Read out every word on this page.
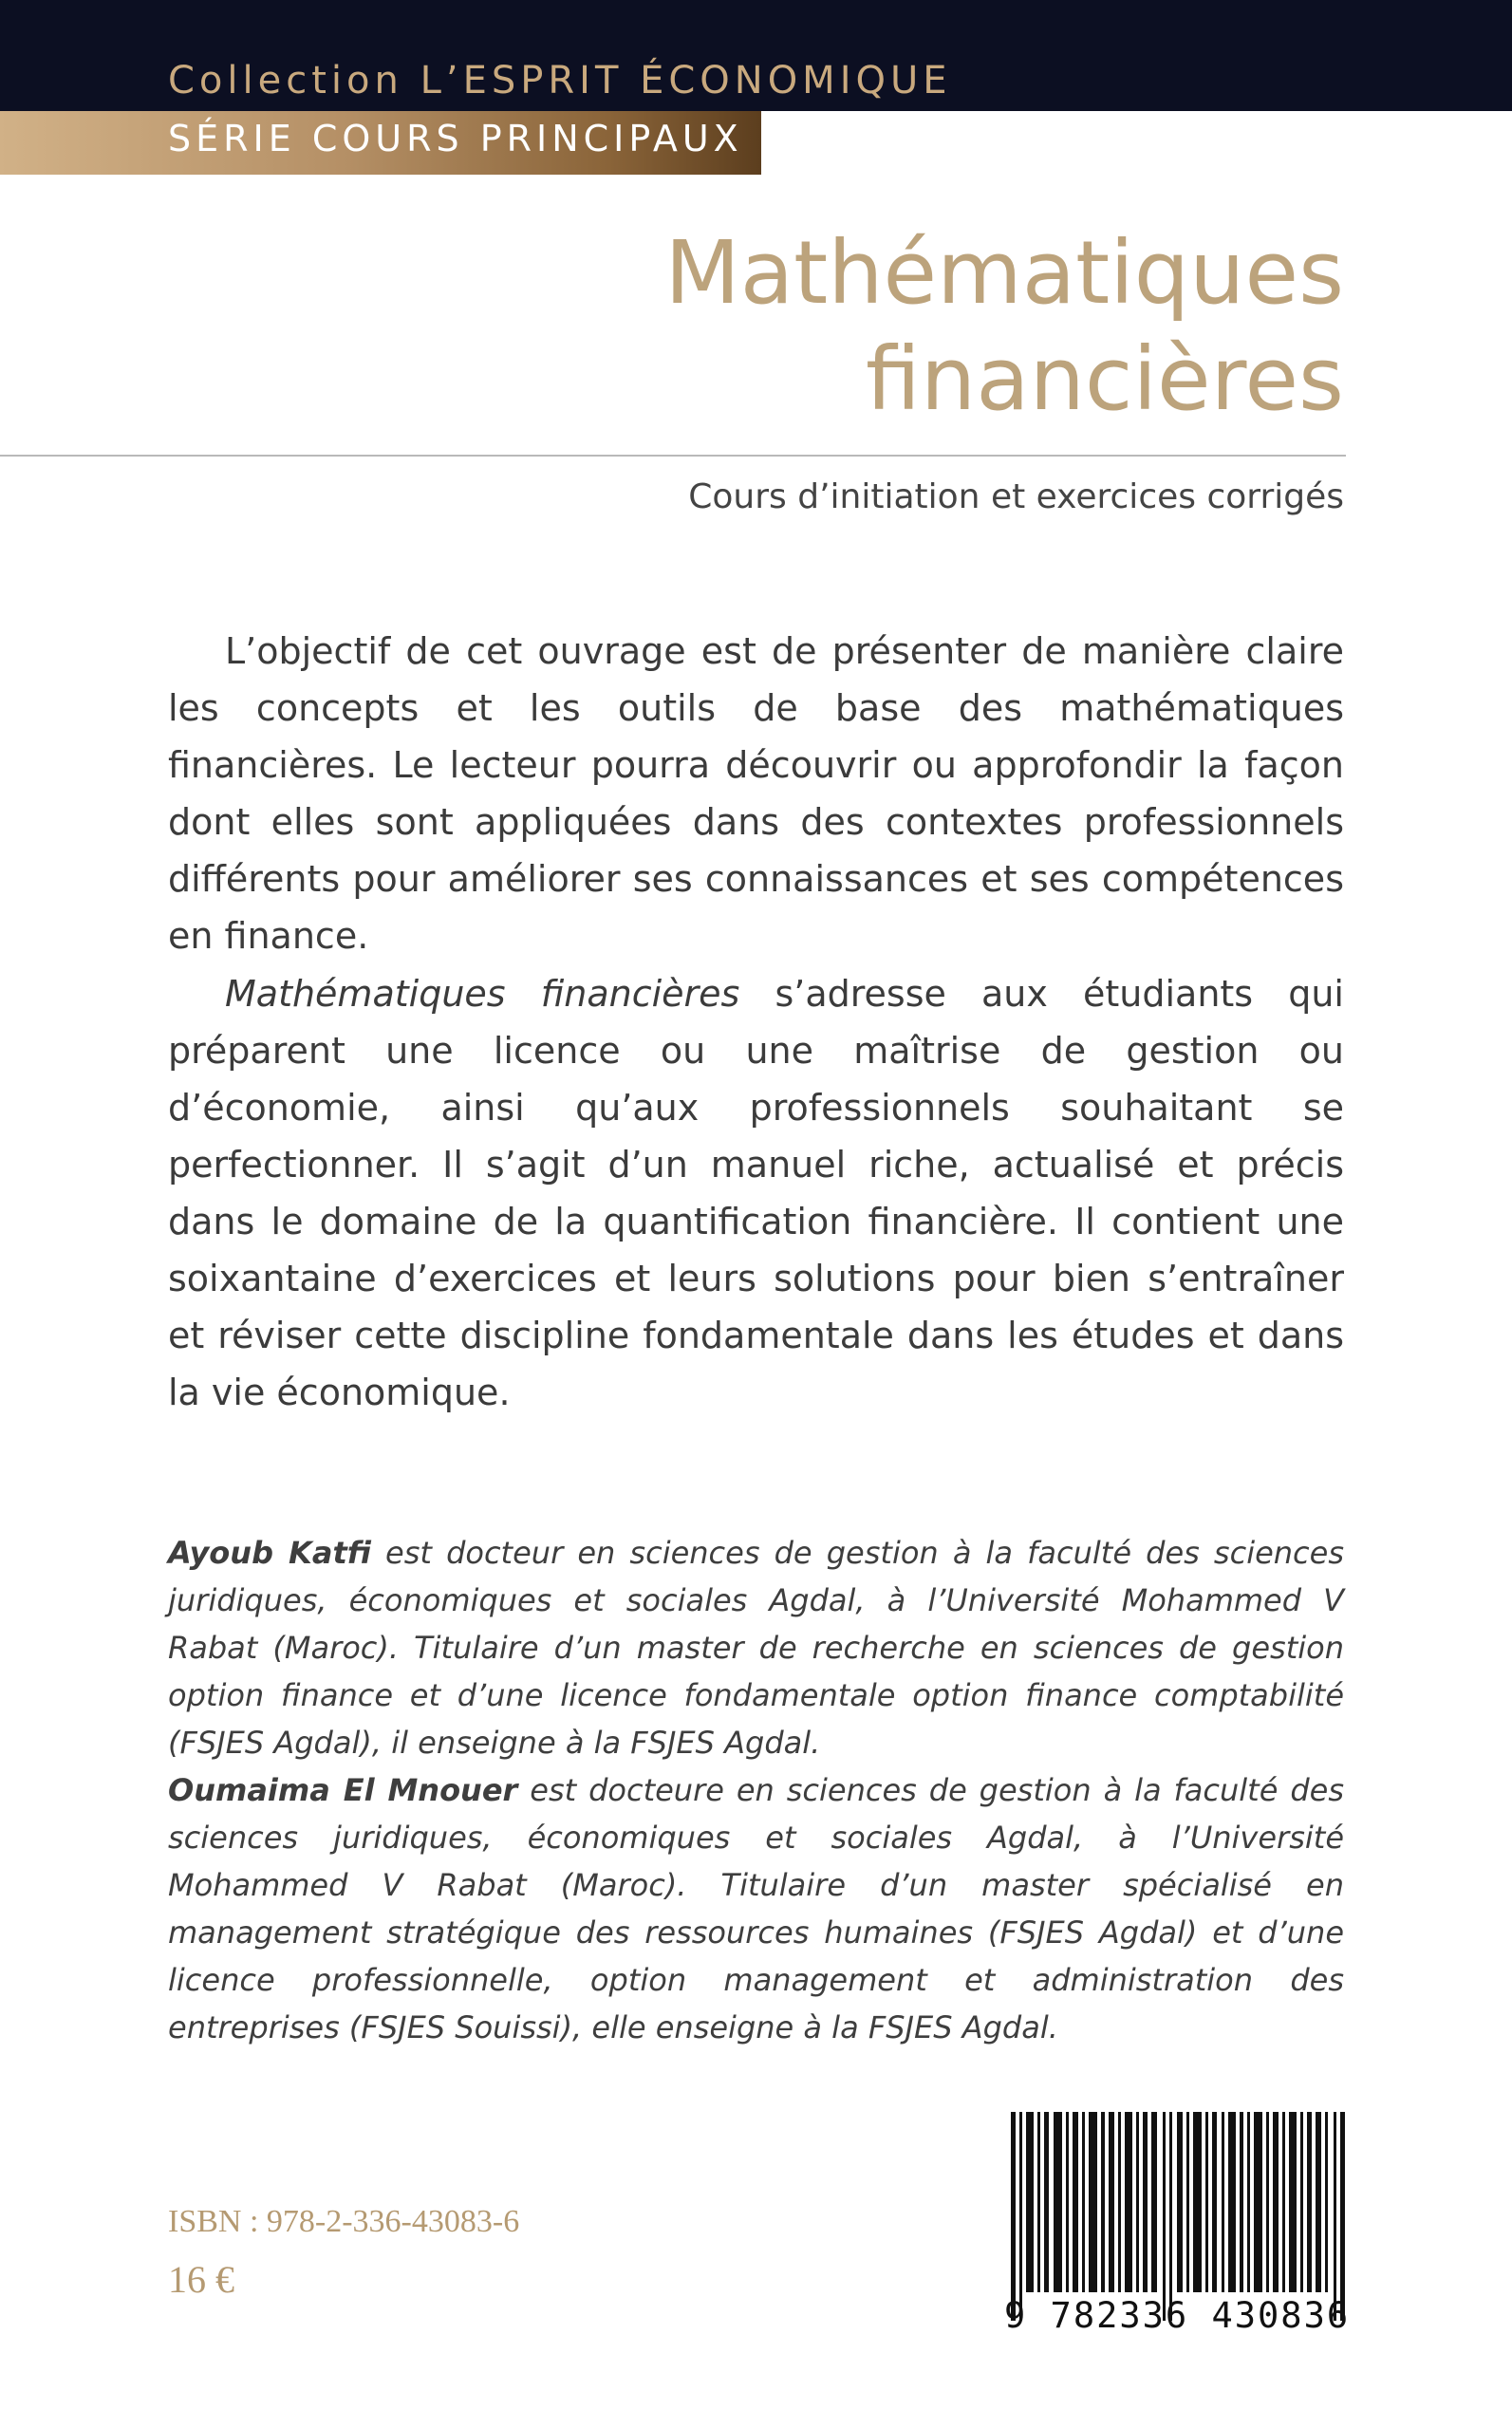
Collection L’ESPRIT ÉCONOMIQUE
SÉRIE COURS PRINCIPAUX
Mathématiques
financières
Cours d’initiation et exercices corrigés

L’objectif de cet ouvrage est de présenter de manière claire les concepts et les outils de base des mathématiques financières. Le lecteur pourra découvrir ou approfondir la façon dont elles sont appliquées dans des contextes professionnels différents pour améliorer ses connaissances et ses compétences en finance.

Mathématiques financières s’adresse aux étudiants qui préparent une licence ou une maîtrise de gestion ou d’économie, ainsi qu’aux professionnels souhaitant se perfectionner. Il s’agit d’un manuel riche, actualisé et précis dans le domaine de la quantification financière. Il contient une soixantaine d’exercices et leurs solutions pour bien s’entraîner et réviser cette discipline fondamentale dans les études et dans la vie économique.

Ayoub Katfi est docteur en sciences de gestion à la faculté des sciences juridiques, économiques et sociales Agdal, à l’Université Mohammed V Rabat (Maroc). Titulaire d’un master de recherche en sciences de gestion option finance et d’une licence fondamentale option finance comptabilité (FSJES Agdal), il enseigne à la FSJES Agdal.
Oumaima El Mnouer est docteure en sciences de gestion à la faculté des sciences juridiques, économiques et sociales Agdal, à l’Université Mohammed V Rabat (Maroc). Titulaire d’un master spécialisé en management stratégique des ressources humaines (FSJES Agdal) et d’une licence professionnelle, option management et administration des entreprises (FSJES Souissi), elle enseigne à la FSJES Agdal.
ISBN : 978-2-336-43083-6
16 €
9 782336 430836
